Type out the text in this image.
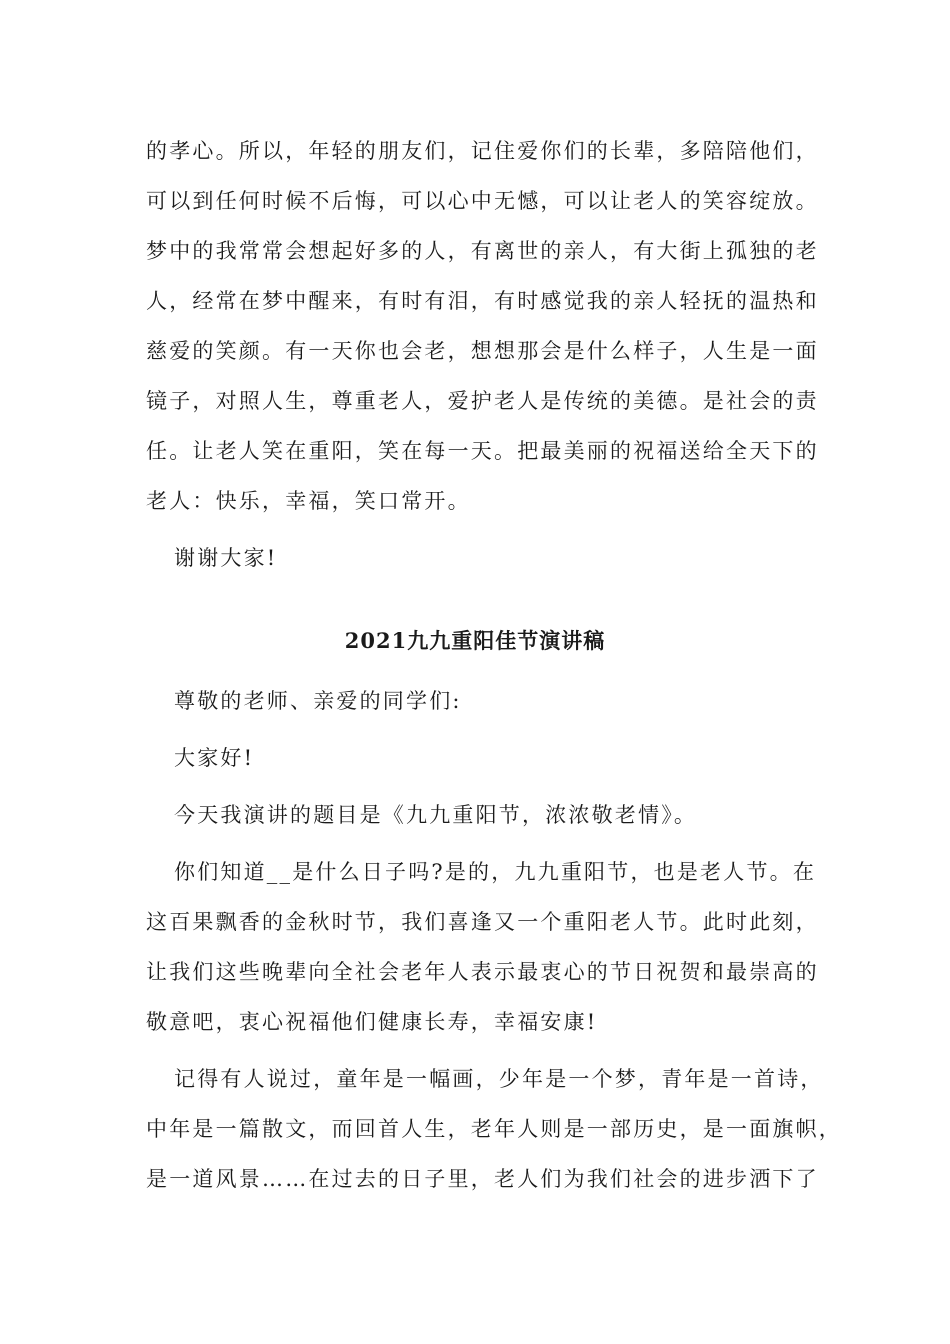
的孝心。所以，年轻的朋友们，记住爱你们的长辈，多陪陪他们，
可以到任何时候不后悔，可以心中无憾，可以让老人的笑容绽放。
梦中的我常常会想起好多的人，有离世的亲人，有大街上孤独的老
人，经常在梦中醒来，有时有泪，有时感觉我的亲人轻抚的温热和
慈爱的笑颜。有一天你也会老，想想那会是什么样子，人生是一面
镜子，对照人生，尊重老人，爱护老人是传统的美德。是社会的责
任。让老人笑在重阳，笑在每一天。把最美丽的祝福送给全天下的
老人：快乐，幸福，笑口常开。
谢谢大家!
2021九九重阳佳节演讲稿
尊敬的老师、亲爱的同学们:
大家好!
今天我演讲的题目是《九九重阳节，浓浓敬老情》。
你们知道__是什么日子吗?是的，九九重阳节，也是老人节。在
这百果飘香的金秋时节，我们喜逢又一个重阳老人节。此时此刻，
让我们这些晚辈向全社会老年人表示最衷心的节日祝贺和最崇高的
敬意吧，衷心祝福他们健康长寿，幸福安康!
记得有人说过，童年是一幅画，少年是一个梦，青年是一首诗，
中年是一篇散文，而回首人生，老年人则是一部历史，是一面旗帜，
是一道风景……在过去的日子里，老人们为我们社会的进步洒下了
